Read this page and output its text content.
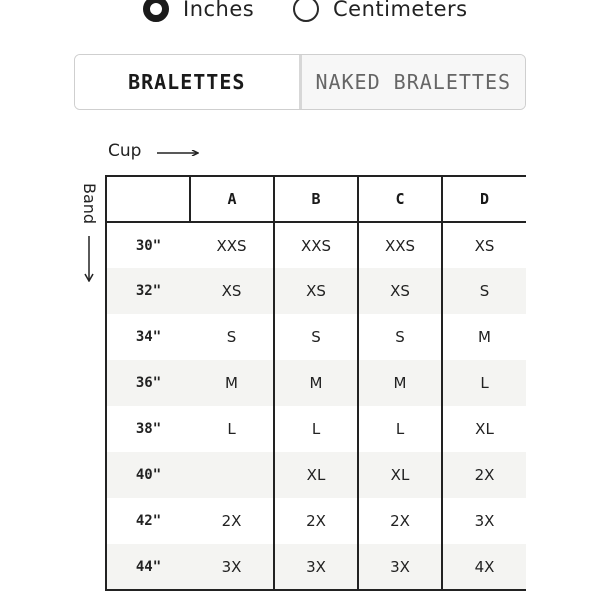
Inches	Centimeters
BRALETTES	NAKED BRALETTES
Cup
Band
		A	B	C	D
30"	XXS	XXS	XXS	XS
32"	XS	XS	XS	S
34"	S	S	S	M
36"	M	M	M	L
38"	L	L	L	XL
40"		XL	XL	2X
42"	2X	2X	2X	3X
44"	3X	3X	3X	4X
